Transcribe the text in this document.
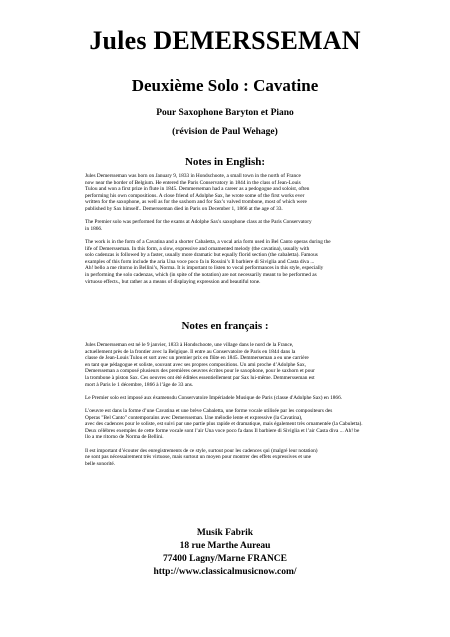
Jules DEMERSSEMAN
Deuxième Solo : Cavatine
Pour Saxophone Baryton et Piano
(révision de Paul Wehage)
Notes in English:

Jules Demersseman was born on January 9, 1833 in Hondschoote, a small town in the north of France
now near the border of Belgium. He entered the Paris Conservatory in 1844 in the class of Jean-Louis
Tulou and won a first prize in flute in 1845. Demmerseman had a career as a pedogogue and soloist, often
performing his own compositions. A close friend of Adolphe Sax, he wrote some of the first works ever
written for the saxophone, as well as for the saxhorn and for Sax’s valved trombone, most of which were
published by Sax himself.. Demersseman died in Paris on December 1, 1866 at the age of 33.

The Premier solo was performed for the exams at Adolphe Sax's saxophone class at the Paris Conservatory
in 1866.

The work is in the form of a Cavatina and a shorter Cabaletta, a vocal aria form used in Bel Canto operas during the
life of Demersseman. In this form, a slow, expressive and ornamented melody (the cavatina), usually with
solo cadenzas is followed by a faster, usually more dramatic but equally florid section (the cabaletta). Famous
examples of this form include the aria Una voce poco fa in Rossini’s Il barbiere di Siviglia and Casta diva ...
Ah! bello a me ritorno in Bellini’s, Norma. It is important to listen to vocal performances in this style, especially
in performing the solo cadenzas, which (in spite of the notation) are not necessarily meant to be performed as
virtuoso effects., but rather as a means of displaying expression and beautiful tone.

Notes en français :

Jules Demersseman est né le 9 janvier, 1833 à Hondschoote, une village dans le nord de la France,
actuellement près de la frontier avec la Belgique. Il entre au Conservatoire de Paris en 1844 dans la
classe de Jean-Louis Tulou et sort avec un premier prix en flûte en 1845. Demmerseman a eu une carrière
en tant que pédagogue et soliste, souvant avec ses propres compositions. Un ami proche d’Adolphe Sax,
Demersseman a composé plusieurs des premières oeuvres écrites pour le saxophone, pour le saxhorn et pour
la trombone à piston Sax. Ces oeuvres ont été éditées essentiellement par Sax lui-même. Demmersseman est
mort à Paris le 1 décembre, 1866 à l’âge de 33 ans.

Le Premier solo est imposé aux éxamensdu Conservatoire Impériadele Musique de Paris (classe d'Adolphe Sax) en 1866.

L'oeuvre est dans la forme d’une Cavatina et une brève Cabaletta, une forme vocale utilisée par les compositeurs des
Operas "Bel Canto" contemporains avec Demersseman. Une mélodie lente et expressive (la Cavatina),
avec des cadences pour le soliste, est suivi par une partie plus rapide et dramatique, mais également très ornamentée (la Cabuletta).
Deux célèbres exemples de cette forme vocale sont l’air Una voce poco fa dans Il barbiere di Siviglia et l’air Casta diva ... Ah! be
llo a me ritorno de Norma de Bellini.

Il est important d’écouter des enregistrements de ce style, surtout pour les cadences qui (malgré leur notation)
ne sont pas nécessairement très virtuose, mais surtout un moyen pour montrer des effets expressives et une
belle sonorité.

Musik Fabrik
18 rue Marthe Aureau
77400 Lagny/Marne FRANCE
http://www.classicalmusicnow.com/
